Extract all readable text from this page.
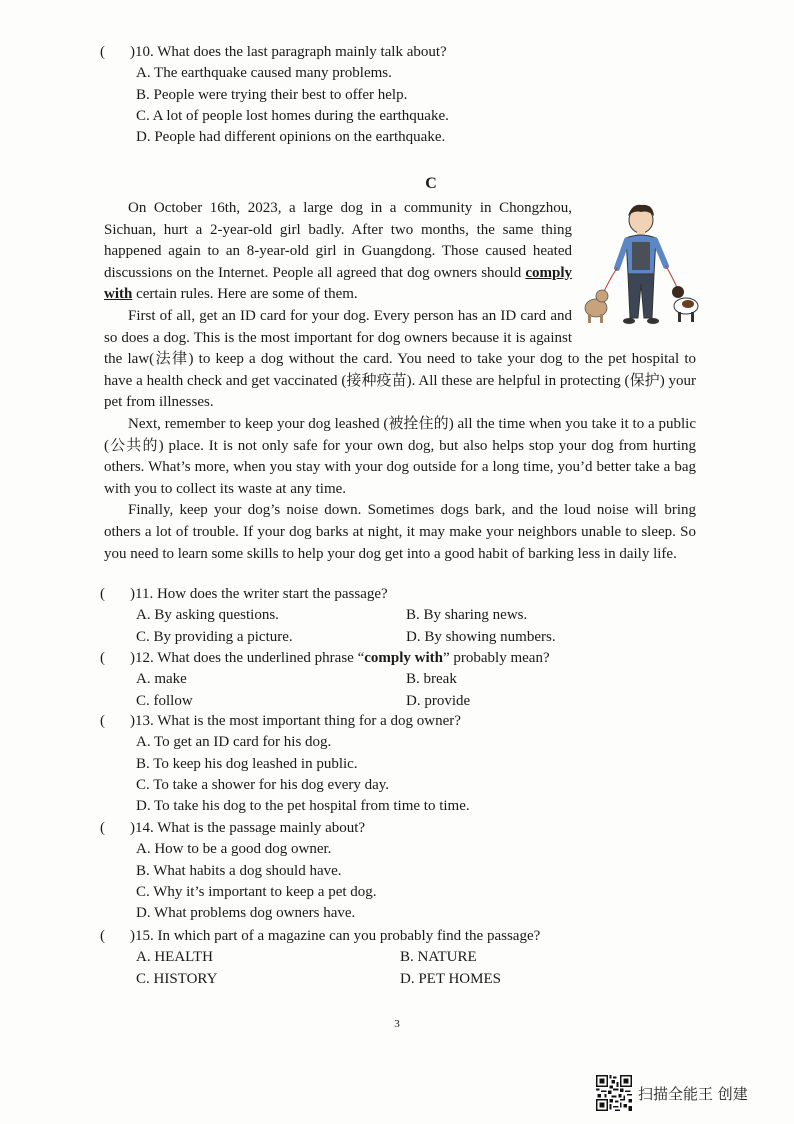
( )10. What does the last paragraph mainly talk about?
A. The earthquake caused many problems.
B. People were trying their best to offer help.
C. A lot of people lost homes during the earthquake.
D. People had different opinions on the earthquake.
C

On October 16th, 2023, a large dog in a community in Chongzhou, Sichuan, hurt a 2-year-old girl badly. After two months, the same thing happened again to an 8-year-old girl in Guangdong. Those caused heated discussions on the Internet. People all agreed that dog owners should comply with certain rules. Here are some of them.

First of all, get an ID card for your dog. Every person has an ID card and so does a dog. This is the most important for dog owners because it is against the law(法律) to keep a dog without the card. You need to take your dog to the pet hospital to have a health check and get vaccinated (接种疫苗). All these are helpful in protecting (保护) your pet from illnesses.

Next, remember to keep your dog leashed (被拴住的) all the time when you take it to a public (公共的) place. It is not only safe for your own dog, but also helps stop your dog from hurting others. What’s more, when you stay with your dog outside for a long time, you’d better take a bag with you to collect its waste at any time.

Finally, keep your dog’s noise down. Sometimes dogs bark, and the loud noise will bring others a lot of trouble. If your dog barks at night, it may make your neighbors unable to sleep. So you need to learn some skills to help your dog get into a good habit of barking less in daily life.

( )11. How does the writer start the passage?
A. By asking questions.	B. By sharing news.
C. By providing a picture.	D. By showing numbers.
( )12. What does the underlined phrase “comply with” probably mean?
A. make	B. break
C. follow	D. provide
( )13. What is the most important thing for a dog owner?
A. To get an ID card for his dog.
B. To keep his dog leashed in public.
C. To take a shower for his dog every day.
D. To take his dog to the pet hospital from time to time.
( )14. What is the passage mainly about?
A. How to be a good dog owner.
B. What habits a dog should have.
C. Why it’s important to keep a pet dog.
D. What problems dog owners have.
( )15. In which part of a magazine can you probably find the passage?
A. HEALTH	B. NATURE
C. HISTORY	D. PET HOMES
3
扫描全能王 创建
